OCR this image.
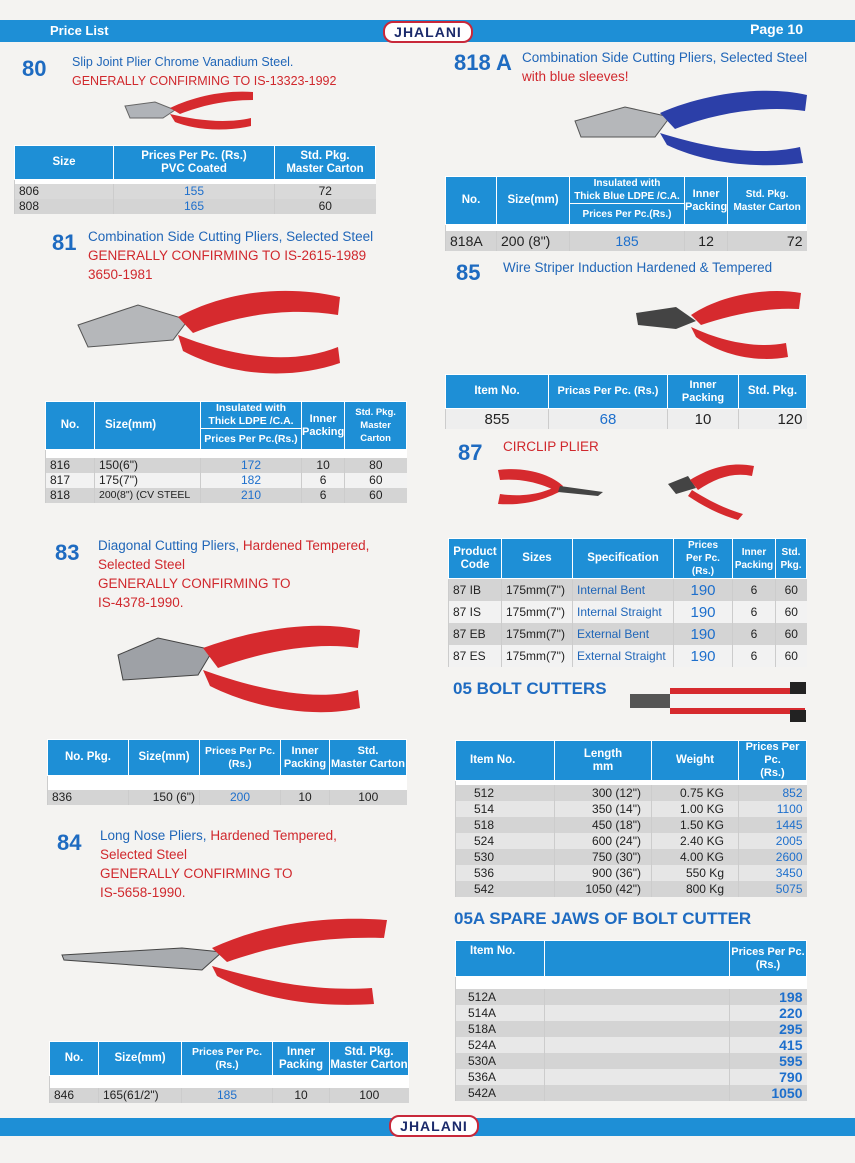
Price List	Page 10
JHALANI
80 Slip Joint Plier Chrome Vanadium Steel.
GENERALLY CONFIRMING TO IS-13323-1992
Size	Prices Per Pc. (Rs.)
PVC Coated	Std. Pkg.
Master Carton

806	155	72
808	165	60
81 Combination Side Cutting Pliers, Selected Steel
GENERALLY CONFIRMING TO IS-2615-1989
3650-1981
No.	Size(mm)	Insulated with
Thick LDPE /C.A.	Inner
Packing	Std. Pkg.
Master Carton
		Prices Per Pc.(Rs.)		

816	150(6")	172	10	80
817	175(7")	182	6	60
818	200(8") (CV STEEL	210	6	60
83 Diagonal Cutting Pliers, Hardened Tempered,
Selected Steel
GENERALLY CONFIRMING TO
IS-4378-1990.
No. Pkg.	Size(mm)	Prices Per Pc.
(Rs.)	Inner
Packing	Std.
Master Carton

836	150 (6")	200	10	100
84 Long Nose Pliers, Hardened Tempered,
Selected Steel
GENERALLY CONFIRMING TO
IS-5658-1990.
No.	Size(mm)	Prices Per Pc.
(Rs.)	Inner
Packing	Std. Pkg.
Master Carton

846	165(61/2")	185	10	100
818 A Combination Side Cutting Pliers, Selected Steel
with blue sleeves!
No.	Size(mm)	Insulated with
Thick Blue LDPE /C.A.	Inner
Packing	Std. Pkg.
Master Carton
		Prices Per Pc.(Rs.)		

818A	200 (8")	185	12	72
85 Wire Striper Induction Hardened & Tempered
Item No.	Pricas Per Pc. (Rs.)	Inner
Packing	Std. Pkg.
855	68	10	120
87 CIRCLIP PLIER
Product
Code	Sizes	Specification	Prices
Per Pc. (Rs.)	Inner
Packing	Std.
Pkg.
87 IB	175mm(7")	Internal Bent	190	6	60
87 IS	175mm(7")	Internal Straight	190	6	60
87 EB	175mm(7")	External Bent	190	6	60
87 ES	175mm(7")	External Straight	190	6	60
05 BOLT CUTTERS
Item No.	Length
mm	Weight	Prices Per Pc.
(Rs.)

512	300 (12")	0.75 KG	852
514	350 (14")	1.00 KG	1100
518	450 (18")	1.50 KG	1445
524	600 (24")	2.40 KG	2005
530	750 (30")	4.00 KG	2600
536	900 (36")	550 Kg	3450
542	1050 (42")	800 Kg	5075
05A SPARE JAWS OF BOLT CUTTER
Item No.		Prices Per Pc.
(Rs.)

512A		198
514A		220
518A		295
524A		415
530A		595
536A		790
542A		1050
JHALANI
